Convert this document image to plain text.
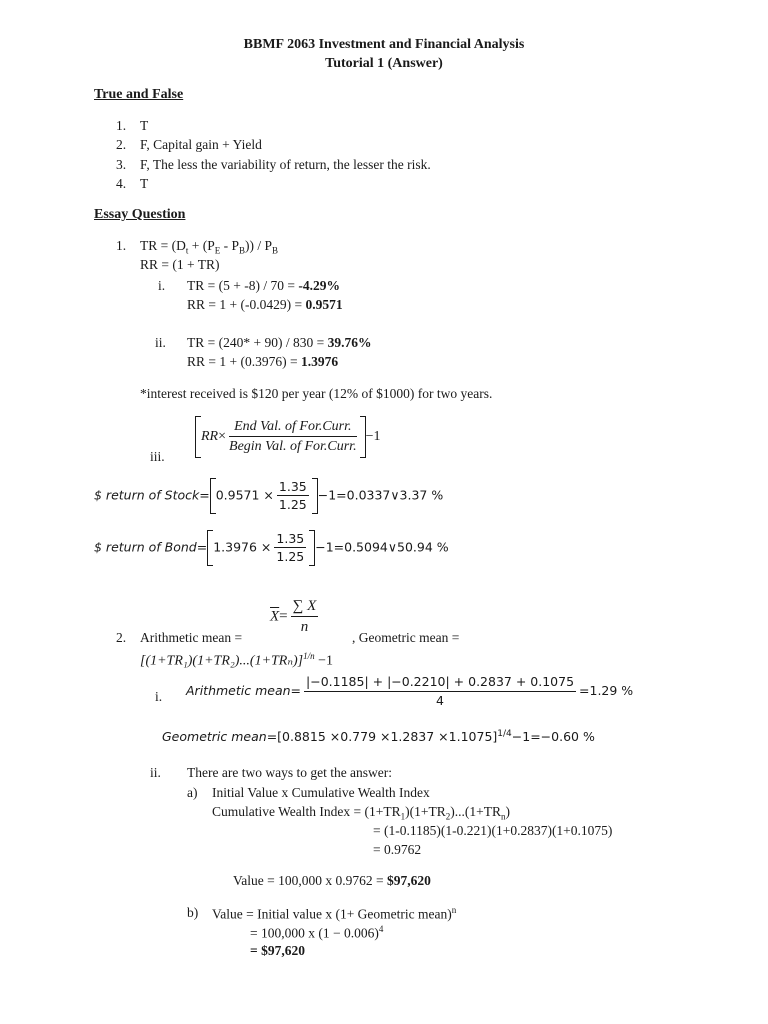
BBMF 2063 Investment and Financial Analysis
Tutorial 1 (Answer)
True and False
1. T
2. F, Capital gain + Yield
3. F, The less the variability of return, the lesser the risk.
4. T
Essay Question
1. TR = $(D_t + (P_E - P_B)) / P_B$
RR = (1 + TR)
i. TR = (5 + -8) / 70 = -4.29%
RR = 1 + (-0.0429) = 0.9571
ii. TR = (240* + 90) / 830 = 39.76%
RR = 1 + (0.3976) = 1.3976
*interest received is $120 per year (12% of $1000) for two years.
iii.
$RR\times \frac{\text{End Val. of For.Curr.}}{\text{Begin Val. of For.Curr.}} -1$
$ return of Stock= $0.9571 \times \frac{1.35}{1.25}$ −1=0.0337∨3.37 %
$ return of Bond= $1.3976 \times \frac{1.35}{1.25}$ −1=0.5094∨50.94 %
2. Arithmetic mean =
$\overline{X}= \frac{\sum X}{n}$
, Geometric mean =
$[(1+TR_1)(1+TR_2)...(1+TR_n)]^{1/n} -1$
i. Arithmetic mean= $\frac{|-0.1185| + |-0.2210| + 0.2837 + 0.1075}{4} =1.29$ %
Geometric mean=[0.8815 ×0.779 ×1.2837 ×1.1075]$^{1/4}$−1=−0.60 %
ii. There are two ways to get the answer:
a) Initial Value x Cumulative Wealth Index
Cumulative Wealth Index = $(1+TR_1)(1+TR_2)...(1+TR_n)$
= (1-0.1185)(1-0.221)(1+0.2837)(1+0.1075)
= 0.9762
Value = 100,000 x 0.9762 = $97,620
b) Value = Initial value x (1+ Geometric mean)$^n$
= 100,000 x $(1 - 0.006)^4$
= $97,620
